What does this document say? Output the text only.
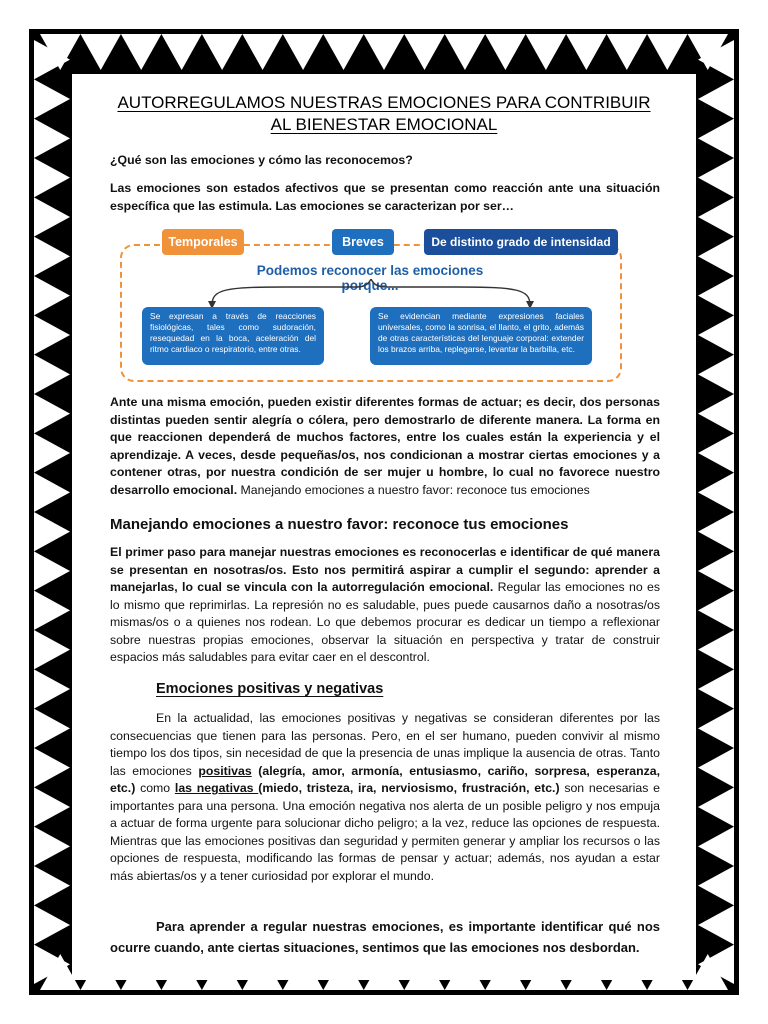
AUTORREGULAMOS NUESTRAS EMOCIONES PARA CONTRIBUIR
AL BIENESTAR EMOCIONAL
¿Qué son las emociones y cómo las reconocemos?
Las emociones son estados afectivos que se presentan como reacción ante una situación específica que las estimula. Las emociones se caracterizan por ser…
Temporales	Breves	De distinto grado de intensidad
Podemos reconocer las emociones porque...
Se expresan a través de reacciones fisiológicas, tales como sudoración, resequedad en la boca, aceleración del ritmo cardiaco o respiratorio, entre otras.
Se evidencian mediante expresiones faciales universales, como la sonrisa, el llanto, el grito, además de otras características del lenguaje corporal: extender los brazos arriba, replegarse, levantar la barbilla, etc.
Ante una misma emoción, pueden existir diferentes formas de actuar; es decir, dos personas distintas pueden sentir alegría o cólera, pero demostrarlo de diferente manera. La forma en que reaccionen dependerá de muchos factores, entre los cuales están la experiencia y el aprendizaje. A veces, desde pequeñas/os, nos condicionan a mostrar ciertas emociones y a contener otras, por nuestra condición de ser mujer u hombre, lo cual no favorece nuestro desarrollo emocional. Manejando emociones a nuestro favor: reconoce tus emociones
Manejando emociones a nuestro favor: reconoce tus emociones
El primer paso para manejar nuestras emociones es reconocerlas e identificar de qué manera se presentan en nosotras/os. Esto nos permitirá aspirar a cumplir el segundo: aprender a manejarlas, lo cual se vincula con la autorregulación emocional. Regular las emociones no es lo mismo que reprimirlas. La represión no es saludable, pues puede causarnos daño a nosotras/os mismas/os o a quienes nos rodean. Lo que debemos procurar es dedicar un tiempo a reflexionar sobre nuestras propias emociones, observar la situación en perspectiva y tratar de construir espacios más saludables para evitar caer en el descontrol.
Emociones positivas y negativas
En la actualidad, las emociones positivas y negativas se consideran diferentes por las consecuencias que tienen para las personas. Pero, en el ser humano, pueden convivir al mismo tiempo los dos tipos, sin necesidad de que la presencia de unas implique la ausencia de otras. Tanto las emociones positivas (alegría, amor, armonía, entusiasmo, cariño, sorpresa, esperanza, etc.) como las negativas (miedo, tristeza, ira, nerviosismo, frustración, etc.) son necesarias e importantes para una persona. Una emoción negativa nos alerta de un posible peligro y nos empuja a actuar de forma urgente para solucionar dicho peligro; a la vez, reduce las opciones de respuesta. Mientras que las emociones positivas dan seguridad y permiten generar y ampliar los recursos o las opciones de respuesta, modificando las formas de pensar y actuar; además, nos ayudan a estar más abiertas/os y a tener curiosidad por explorar el mundo.
Para aprender a regular nuestras emociones, es importante identificar qué nos ocurre cuando, ante ciertas situaciones, sentimos que las emociones nos desbordan.
